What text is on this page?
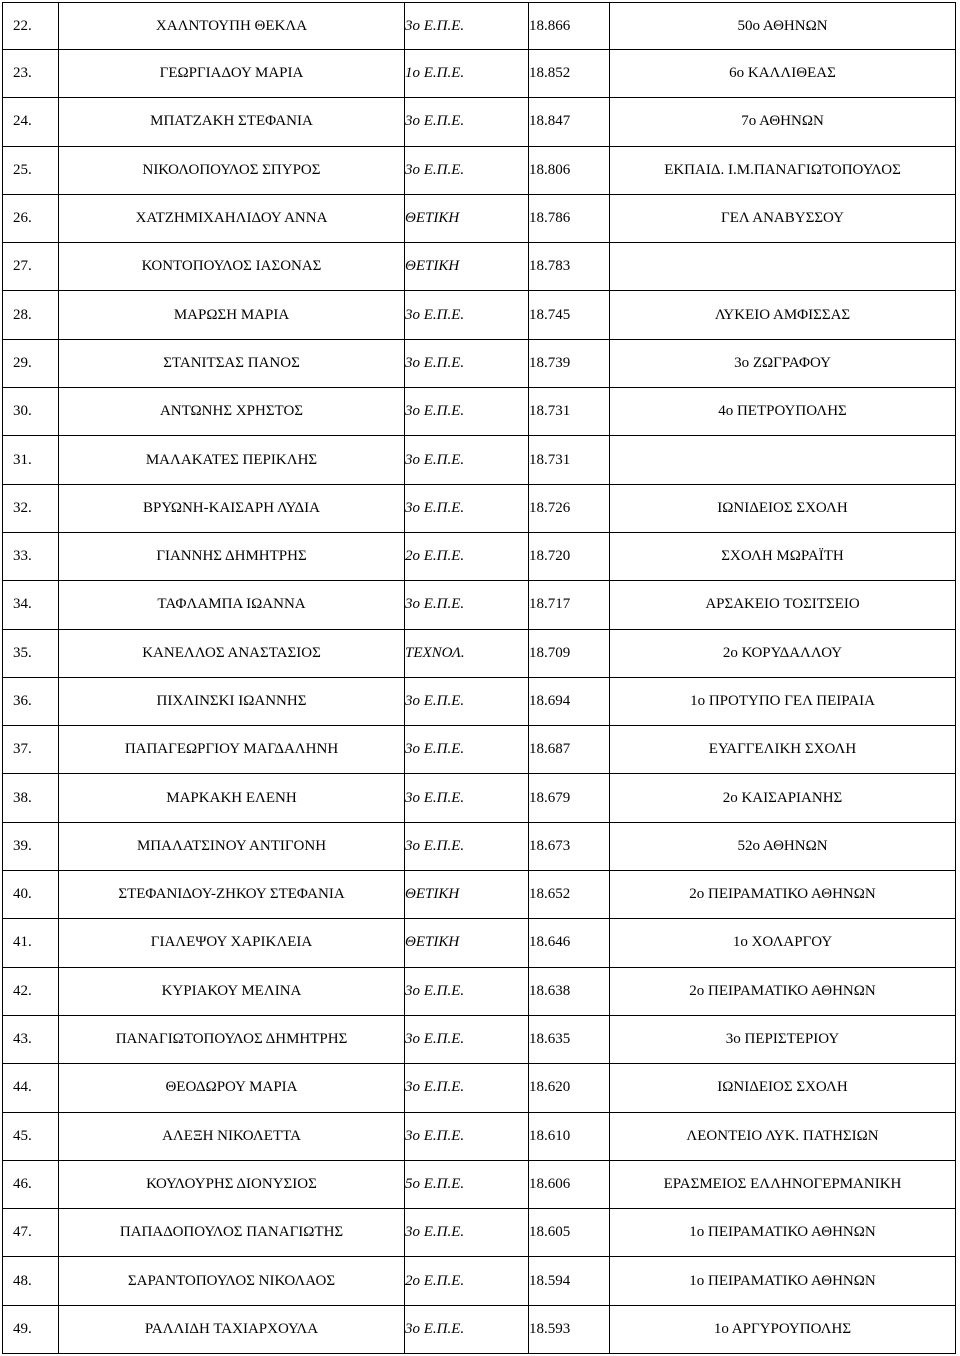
22.	ΧΑΛΝΤΟΥΠΗ ΘΕΚΛΑ	3ο Ε.Π.Ε.	18.866	50ο ΑΘΗΝΩΝ
23.	ΓΕΩΡΓΙΑΔΟΥ ΜΑΡΙΑ	1ο Ε.Π.Ε.	18.852	6ο ΚΑΛΛΙΘΕΑΣ
24.	ΜΠΑΤΖΑΚΗ ΣΤΕΦΑΝΙΑ	3ο Ε.Π.Ε.	18.847	7ο ΑΘΗΝΩΝ
25.	ΝΙΚΟΛΟΠΟΥΛΟΣ ΣΠΥΡΟΣ	3ο Ε.Π.Ε.	18.806	ΕΚΠΑΙΔ. Ι.Μ.ΠΑΝΑΓΙΩΤΟΠΟΥΛΟΣ
26.	ΧΑΤΖΗΜΙΧΑΗΛΙΔΟΥ ΑΝΝΑ	ΘΕΤΙΚΗ	18.786	ΓΕΛ ΑΝΑΒΥΣΣΟΥ
27.	ΚΟΝΤΟΠΟΥΛΟΣ ΙΑΣΟΝΑΣ	ΘΕΤΙΚΗ	18.783	
28.	ΜΑΡΩΣΗ ΜΑΡΙΑ	3ο Ε.Π.Ε.	18.745	ΛΥΚΕΙΟ ΑΜΦΙΣΣΑΣ
29.	ΣΤΑΝΙΤΣΑΣ ΠΑΝΟΣ	3ο Ε.Π.Ε.	18.739	3ο ΖΩΓΡΑΦΟΥ
30.	ΑΝΤΩΝΗΣ ΧΡΗΣΤΟΣ	3ο Ε.Π.Ε.	18.731	4ο ΠΕΤΡΟΥΠΟΛΗΣ
31.	ΜΑΛΑΚΑΤΕΣ ΠΕΡΙΚΛΗΣ	3ο Ε.Π.Ε.	18.731	
32.	ΒΡΥΩΝΗ-ΚΑΙΣΑΡΗ ΛΥΔΙΑ	3ο Ε.Π.Ε.	18.726	ΙΩΝΙΔΕΙΟΣ ΣΧΟΛΗ
33.	ΓΙΑΝΝΗΣ ΔΗΜΗΤΡΗΣ	2ο Ε.Π.Ε.	18.720	ΣΧΟΛΗ ΜΩΡΑΪΤΗ
34.	ΤΑΦΛΑΜΠΑ ΙΩΑΝΝΑ	3ο Ε.Π.Ε.	18.717	ΑΡΣΑΚΕΙΟ ΤΟΣΙΤΣΕΙΟ
35.	ΚΑΝΕΛΛΟΣ ΑΝΑΣΤΑΣΙΟΣ	ΤΕΧΝΟΛ.	18.709	2ο ΚΟΡΥΔΑΛΛΟΥ
36.	ΠΙΧΛΙΝΣΚΙ ΙΩΑΝΝΗΣ	3ο Ε.Π.Ε.	18.694	1ο ΠΡΟΤΥΠΟ ΓΕΛ ΠΕΙΡΑΙΑ
37.	ΠΑΠΑΓΕΩΡΓΙΟΥ ΜΑΓΔΑΛΗΝΗ	3ο Ε.Π.Ε.	18.687	ΕΥΑΓΓΕΛΙΚΗ ΣΧΟΛΗ
38.	ΜΑΡΚΑΚΗ ΕΛΕΝΗ	3ο Ε.Π.Ε.	18.679	2ο ΚΑΙΣΑΡΙΑΝΗΣ
39.	ΜΠΑΛΑΤΣΙΝΟΥ ΑΝΤΙΓΟΝΗ	3ο Ε.Π.Ε.	18.673	52ο ΑΘΗΝΩΝ
40.	ΣΤΕΦΑΝΙΔΟΥ-ΖΗΚΟΥ ΣΤΕΦΑΝΙΑ	ΘΕΤΙΚΗ	18.652	2ο ΠΕΙΡΑΜΑΤΙΚΟ ΑΘΗΝΩΝ
41.	ΓΙΑΛΕΨΟΥ ΧΑΡΙΚΛΕΙΑ	ΘΕΤΙΚΗ	18.646	1ο ΧΟΛΑΡΓΟΥ
42.	ΚΥΡΙΑΚΟΥ ΜΕΛΙΝΑ	3ο Ε.Π.Ε.	18.638	2ο ΠΕΙΡΑΜΑΤΙΚΟ ΑΘΗΝΩΝ
43.	ΠΑΝΑΓΙΩΤΟΠΟΥΛΟΣ ΔΗΜΗΤΡΗΣ	3ο Ε.Π.Ε.	18.635	3ο ΠΕΡΙΣΤΕΡΙΟΥ
44.	ΘΕΟΔΩΡΟΥ ΜΑΡΙΑ	3ο Ε.Π.Ε.	18.620	ΙΩΝΙΔΕΙΟΣ ΣΧΟΛΗ
45.	ΑΛΕΞΗ ΝΙΚΟΛΕΤΤΑ	3ο Ε.Π.Ε.	18.610	ΛΕΟΝΤΕΙΟ ΛΥΚ. ΠΑΤΗΣΙΩΝ
46.	ΚΟΥΛΟΥΡΗΣ ΔΙΟΝΥΣΙΟΣ	5ο Ε.Π.Ε.	18.606	ΕΡΑΣΜΕΙΟΣ ΕΛΛΗΝΟΓΕΡΜΑΝΙΚΗ
47.	ΠΑΠΑΔΟΠΟΥΛΟΣ ΠΑΝΑΓΙΩΤΗΣ	3ο Ε.Π.Ε.	18.605	1ο ΠΕΙΡΑΜΑΤΙΚΟ ΑΘΗΝΩΝ
48.	ΣΑΡΑΝΤΟΠΟΥΛΟΣ ΝΙΚΟΛΑΟΣ	2ο Ε.Π.Ε.	18.594	1ο ΠΕΙΡΑΜΑΤΙΚΟ ΑΘΗΝΩΝ
49.	ΡΑΛΛΙΔΗ ΤΑΧΙΑΡΧΟΥΛΑ	3ο Ε.Π.Ε.	18.593	1ο ΑΡΓΥΡΟΥΠΟΛΗΣ
